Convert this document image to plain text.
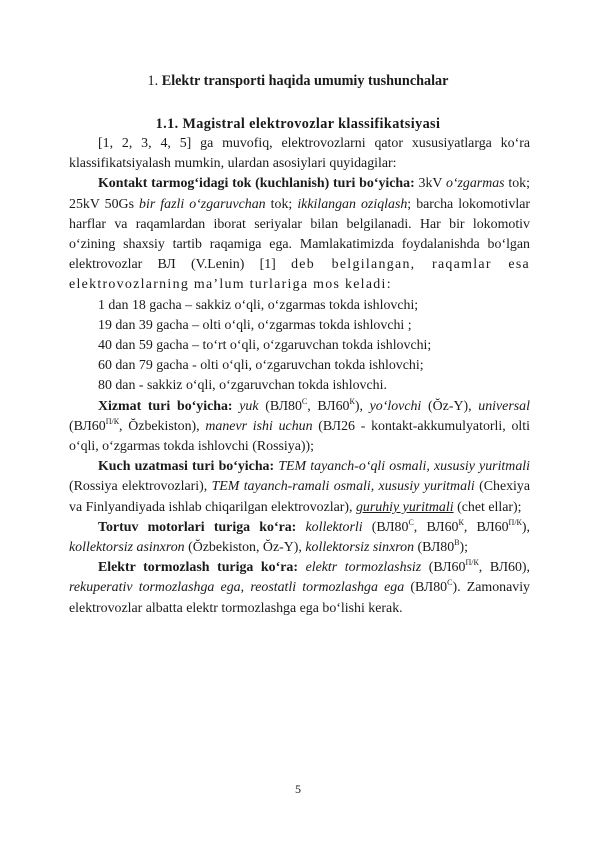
1. Elektr transporti haqida umumiy tushunchalar
1.1. Magistral elektrovozlar klassifikatsiyasi

[1, 2, 3, 4, 5] ga muvofiq, elektrovozlarni qator xususiyatlarga ko‘ra klassifikatsiyalash mumkin, ulardan asosiylari quyidagilar:

Kontakt tarmog‘idagi tok (kuchlanish) turi bo‘yicha: 3kV o‘zgarmas tok; 25kV 50Gs bir fazli o‘zgaruvchan tok; ikkilangan oziqlash; barcha lokomotivlar harflar va raqamlardan iborat seriyalar bilan belgilanadi. Har bir lokomotiv o‘zining shaxsiy tartib raqamiga ega. Mamlakatimizda foydalanishda bo‘lgan elektrovozlar ВЛ (V.Lenin) [1] deb belgilangan, raqamlar esa elektrovozlarning ma’lum turlariga mos keladi:

1 dan 18 gacha – sakkiz o‘qli, o‘zgarmas tokda ishlovchi;

19 dan 39 gacha – olti o‘qli, o‘zgarmas tokda ishlovchi ;

40 dan 59 gacha – to‘rt o‘qli, o‘zgaruvchan tokda ishlovchi;

60 dan 79 gacha - olti o‘qli, o‘zgaruvchan tokda ishlovchi;

80 dan - sakkiz o‘qli, o‘zgaruvchan tokda ishlovchi.

Xizmat turi bo‘yicha: yuk ($ВЛ80^С$, $ВЛ60^К$), yo‘lovchi (Ŏz-Y), universal ($ВЛ60^{П/К}$, Ŏzbekiston), manevr ishi uchun (ВЛ26 - kontakt-akkumulyatorli, olti o‘qli, o‘zgarmas tokda ishlovchi (Rossiya));

Kuch uzatmasi turi bo‘yicha: TEM tayanch-o‘qli osmali, xususiy yuritmali (Rossiya elektrovozlari), TEM tayanch-ramali osmali, xususiy yuritmali (Chexiya va Finlyandiyada ishlab chiqarilgan elektrovozlar), guruhiy yuritmali (chet ellar);

Tortuv motorlari turiga ko‘ra: kollektorli ($ВЛ80^С$, $ВЛ60^К$, $ВЛ60^{П/К}$), kollektorsiz asinxron (Ŏzbekiston, Ŏz-Y), kollektorsiz sinxron $(ВЛ80^В)$;

Elektr tormozlash turiga ko‘ra: elektr tormozlashsiz ($ВЛ60^{П/К}$, ВЛ60), rekuperativ tormozlashga ega, reostatli tormozlashga ega $(ВЛ80^С)$. Zamonaviy elektrovozlar albatta elektr tormozlashga ega bo‘lishi kerak.

5
